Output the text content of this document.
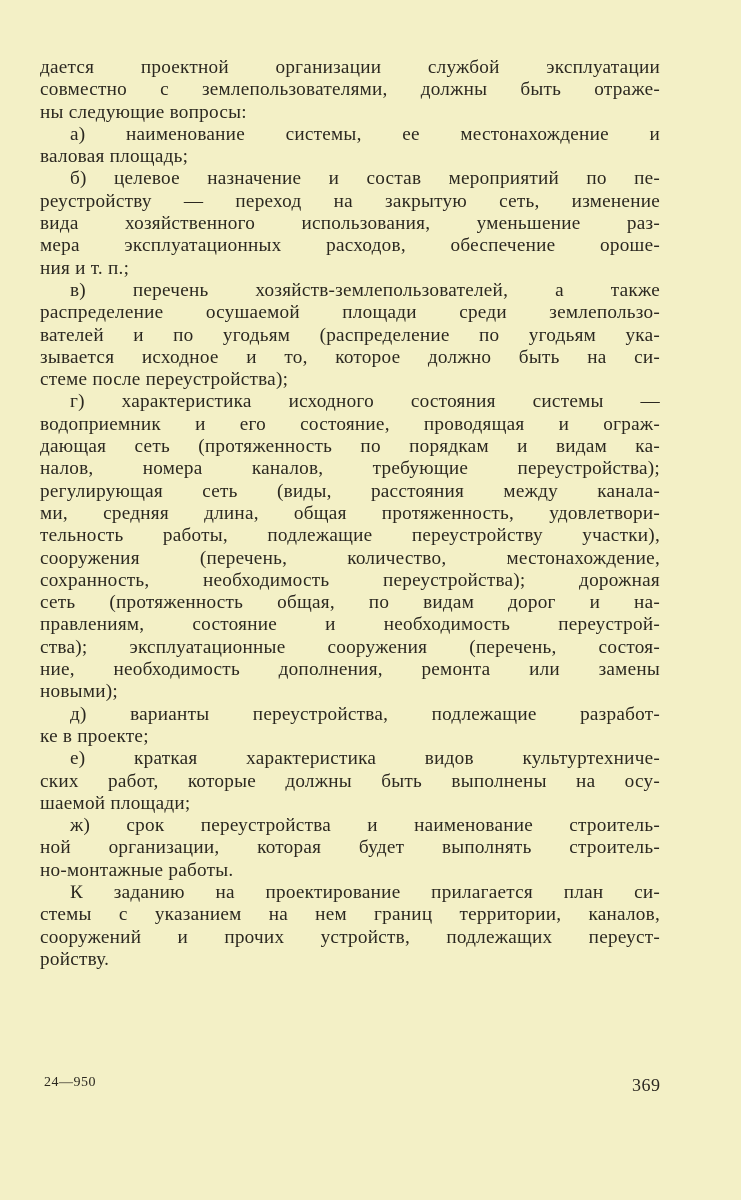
дается проектной организации службой эксплуатации
совместно с землепользователями, должны быть отраже-
ны следующие вопросы:
а) наименование системы, ее местонахождение и
валовая площадь;
б) целевое назначение и состав мероприятий по пе-
реустройству — переход на закрытую сеть, изменение
вида хозяйственного использования, уменьшение раз-
мера эксплуатационных расходов, обеспечение ороше-
ния и т. п.;
в) перечень хозяйств-землепользователей, а также
распределение осушаемой площади среди землепользо-
вателей и по угодьям (распределение по угодьям ука-
зывается исходное и то, которое должно быть на си-
стеме после переустройства);
г) характеристика исходного состояния системы —
водоприемник и его состояние, проводящая и ограж-
дающая сеть (протяженность по порядкам и видам ка-
налов, номера каналов, требующие переустройства);
регулирующая сеть (виды, расстояния между канала-
ми, средняя длина, общая протяженность, удовлетвори-
тельность работы, подлежащие переустройству участки),
сооружения (перечень, количество, местонахождение,
сохранность, необходимость переустройства); дорожная
сеть (протяженность общая, по видам дорог и на-
правлениям, состояние и необходимость переустрой-
ства); эксплуатационные сооружения (перечень, состоя-
ние, необходимость дополнения, ремонта или замены
новыми);
д) варианты переустройства, подлежащие разработ-
ке в проекте;
е) краткая характеристика видов культуртехниче-
ских работ, которые должны быть выполнены на осу-
шаемой площади;
ж) срок переустройства и наименование строитель-
ной организации, которая будет выполнять строитель-
но-монтажные работы.
К заданию на проектирование прилагается план си-
стемы с указанием на нем границ территории, каналов,
сооружений и прочих устройств, подлежащих переуст-
ройству.
24—950	369
